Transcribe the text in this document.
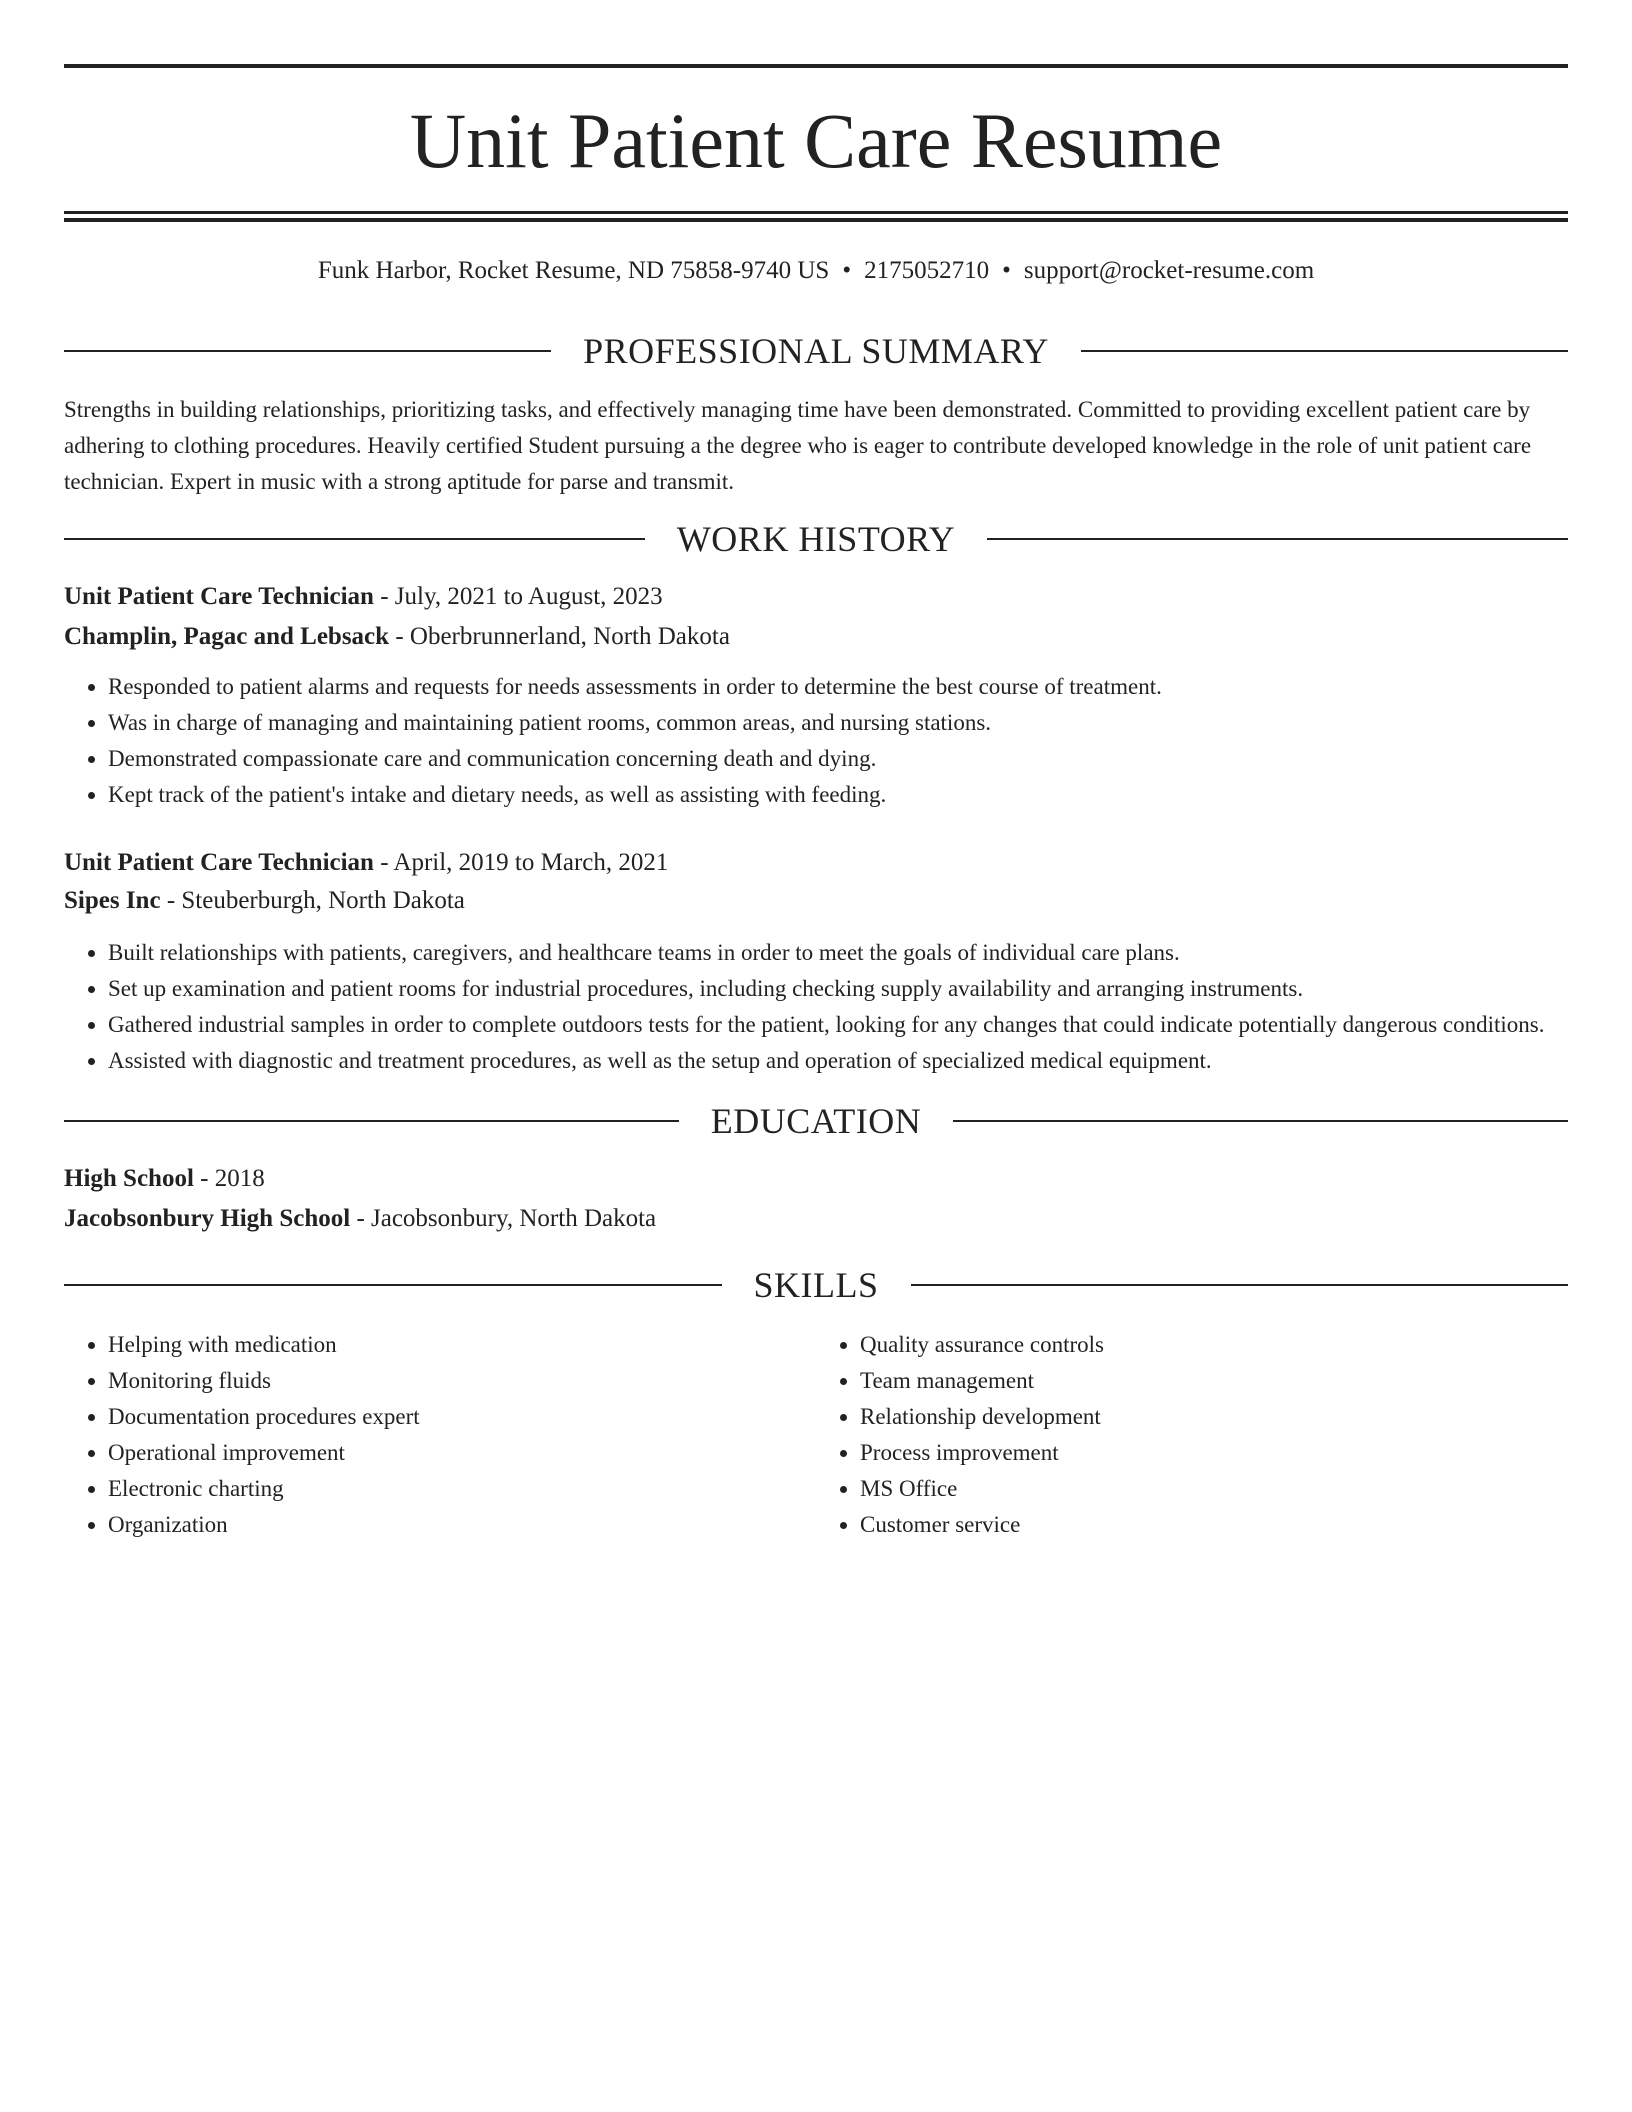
Unit Patient Care Resume
Funk Harbor, Rocket Resume, ND 75858-9740 US • 2175052710 • support@rocket-resume.com
PROFESSIONAL SUMMARY

Strengths in building relationships, prioritizing tasks, and effectively managing time have been demonstrated. Committed to providing excellent patient care by adhering to clothing procedures. Heavily certified Student pursuing a the degree who is eager to contribute developed knowledge in the role of unit patient care technician. Expert in music with a strong aptitude for parse and transmit.

WORK HISTORY

Unit Patient Care Technician - July, 2021 to August, 2023

Champlin, Pagac and Lebsack - Oberbrunnerland, North Dakota

• Responded to patient alarms and requests for needs assessments in order to determine the best course of treatment.
• Was in charge of managing and maintaining patient rooms, common areas, and nursing stations.
• Demonstrated compassionate care and communication concerning death and dying.
• Kept track of the patient's intake and dietary needs, as well as assisting with feeding.

Unit Patient Care Technician - April, 2019 to March, 2021

Sipes Inc - Steuberburgh, North Dakota

• Built relationships with patients, caregivers, and healthcare teams in order to meet the goals of individual care plans.
• Set up examination and patient rooms for industrial procedures, including checking supply availability and arranging instruments.
• Gathered industrial samples in order to complete outdoors tests for the patient, looking for any changes that could indicate potentially dangerous conditions.
• Assisted with diagnostic and treatment procedures, as well as the setup and operation of specialized medical equipment.
EDUCATION

High School - 2018

Jacobsonbury High School - Jacobsonbury, North Dakota

SKILLS
• Helping with medication
• Monitoring fluids
• Documentation procedures expert
• Operational improvement
• Electronic charting
• Organization
• Quality assurance controls
• Team management
• Relationship development
• Process improvement
• MS Office
• Customer service
